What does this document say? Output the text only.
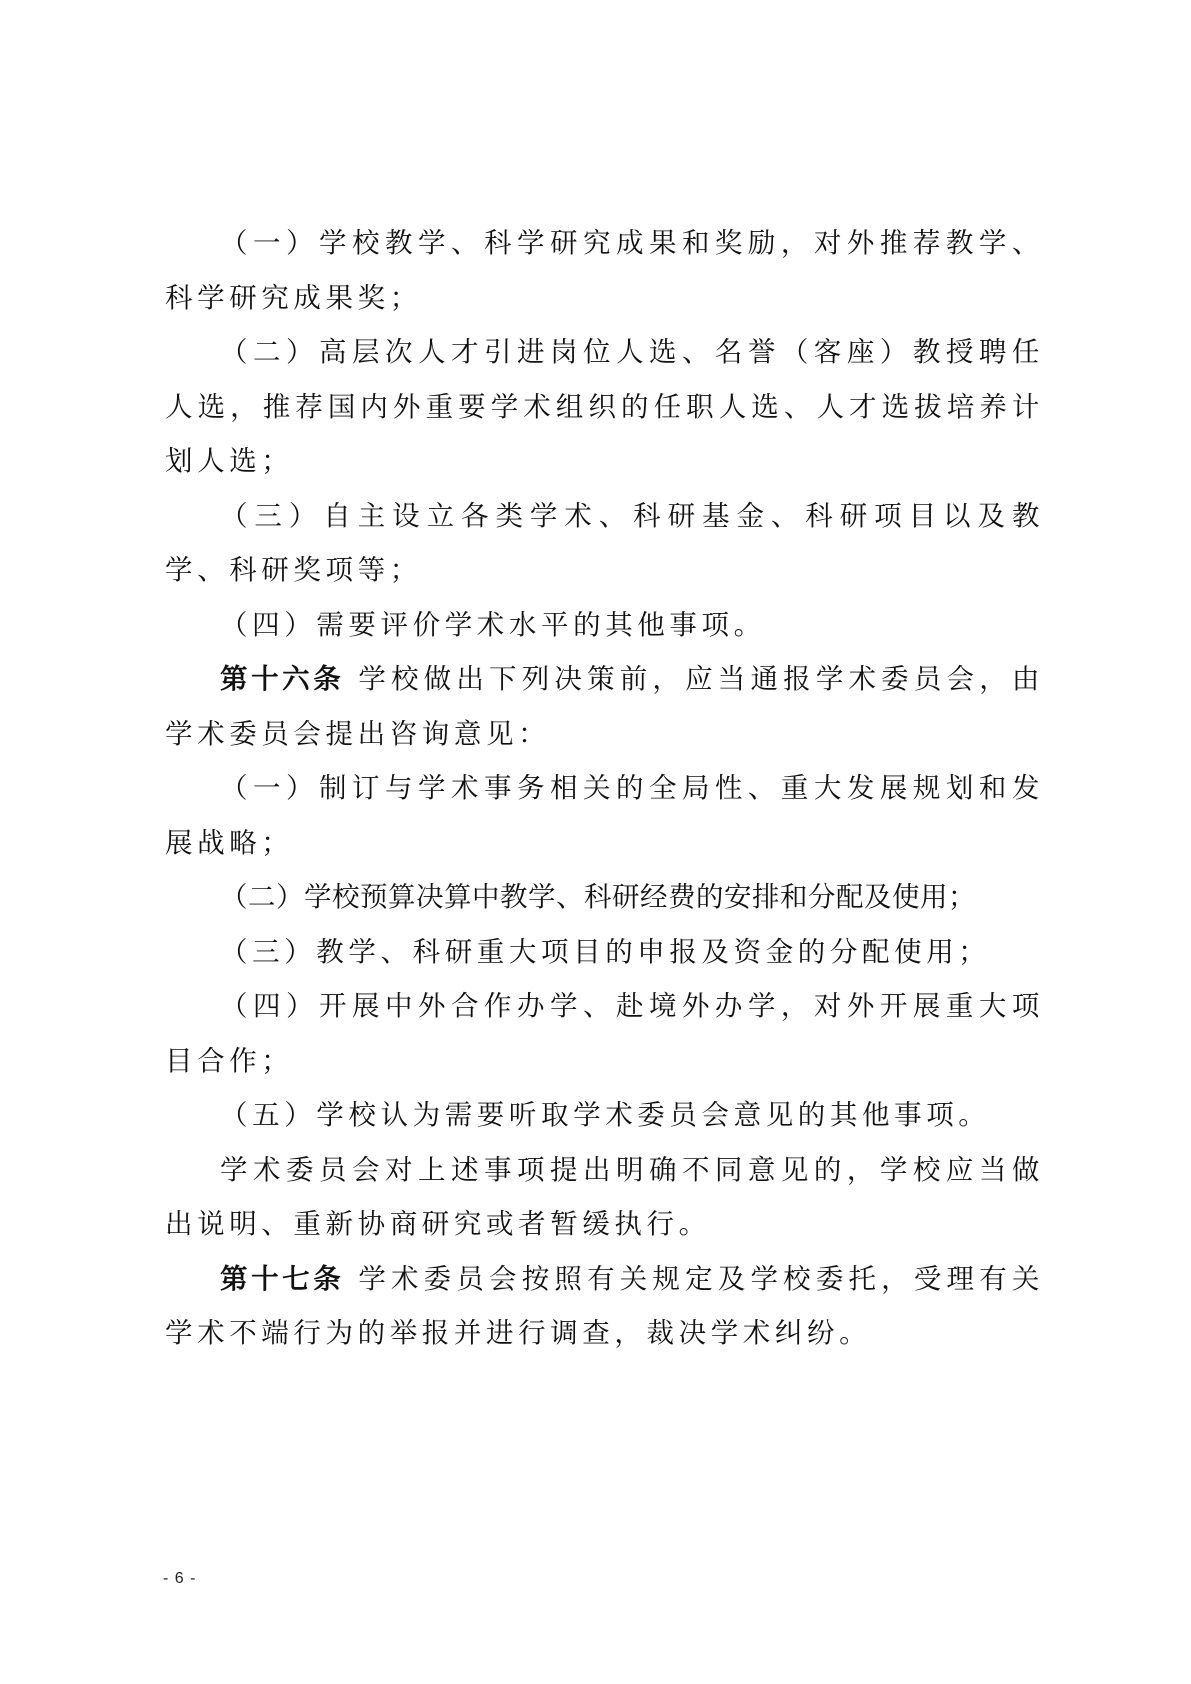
（一）学校教学、科学研究成果和奖励，对外推荐教学、科学研究成果奖；

（二）高层次人才引进岗位人选、名誉（客座）教授聘任人选，推荐国内外重要学术组织的任职人选、人才选拔培养计划人选；

（三）自主设立各类学术、科研基金、科研项目以及教学、科研奖项等；

（四）需要评价学术水平的其他事项。

第十六条 学校做出下列决策前，应当通报学术委员会，由学术委员会提出咨询意见：

（一）制订与学术事务相关的全局性、重大发展规划和发展战略；

（二）学校预算决算中教学、科研经费的安排和分配及使用；

（三）教学、科研重大项目的申报及资金的分配使用；

（四）开展中外合作办学、赴境外办学，对外开展重大项目合作；

（五）学校认为需要听取学术委员会意见的其他事项。

学术委员会对上述事项提出明确不同意见的，学校应当做出说明、重新协商研究或者暂缓执行。

第十七条 学术委员会按照有关规定及学校委托，受理有关学术不端行为的举报并进行调查，裁决学术纠纷。

- 6 -
